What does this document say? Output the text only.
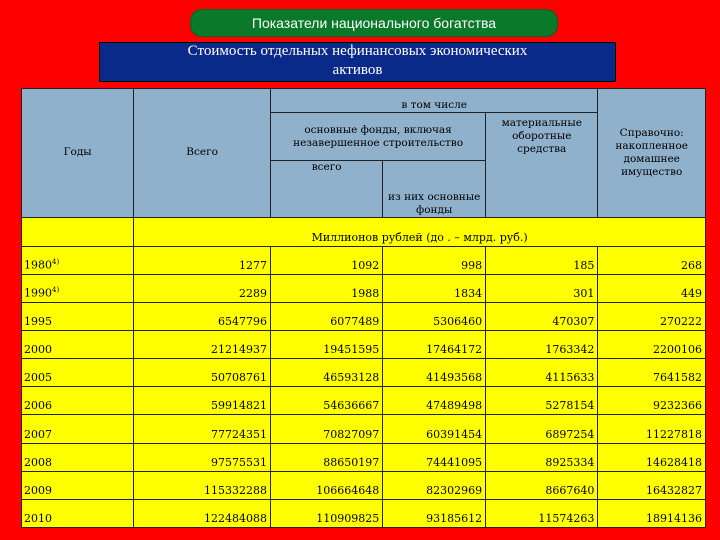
Показатели национального богатства
Стоимость отдельных нефинансовых экономических
активов
Годы	Всего	в том числе			Справочно: накопленное домашнее имущество
		основные фонды, включая незавершенное строительство		материальные оборотные средства	
		всего	из них основные фонды		
	Миллионов рублей (до . – млрд. руб.)				
1980$^{4)}$	1277	1092	998	185	268
1990$^{4)}$	2289	1988	1834	301	449
1995	6547796	6077489	5306460	470307	270222
2000	21214937	19451595	17464172	1763342	2200106
2005	50708761	46593128	41493568	4115633	7641582
2006	59914821	54636667	47489498	5278154	9232366
2007	77724351	70827097	60391454	6897254	11227818
2008	97575531	88650197	74441095	8925334	14628418
2009	115332288	106664648	82302969	8667640	16432827
2010	122484088	110909825	93185612	11574263	18914136
